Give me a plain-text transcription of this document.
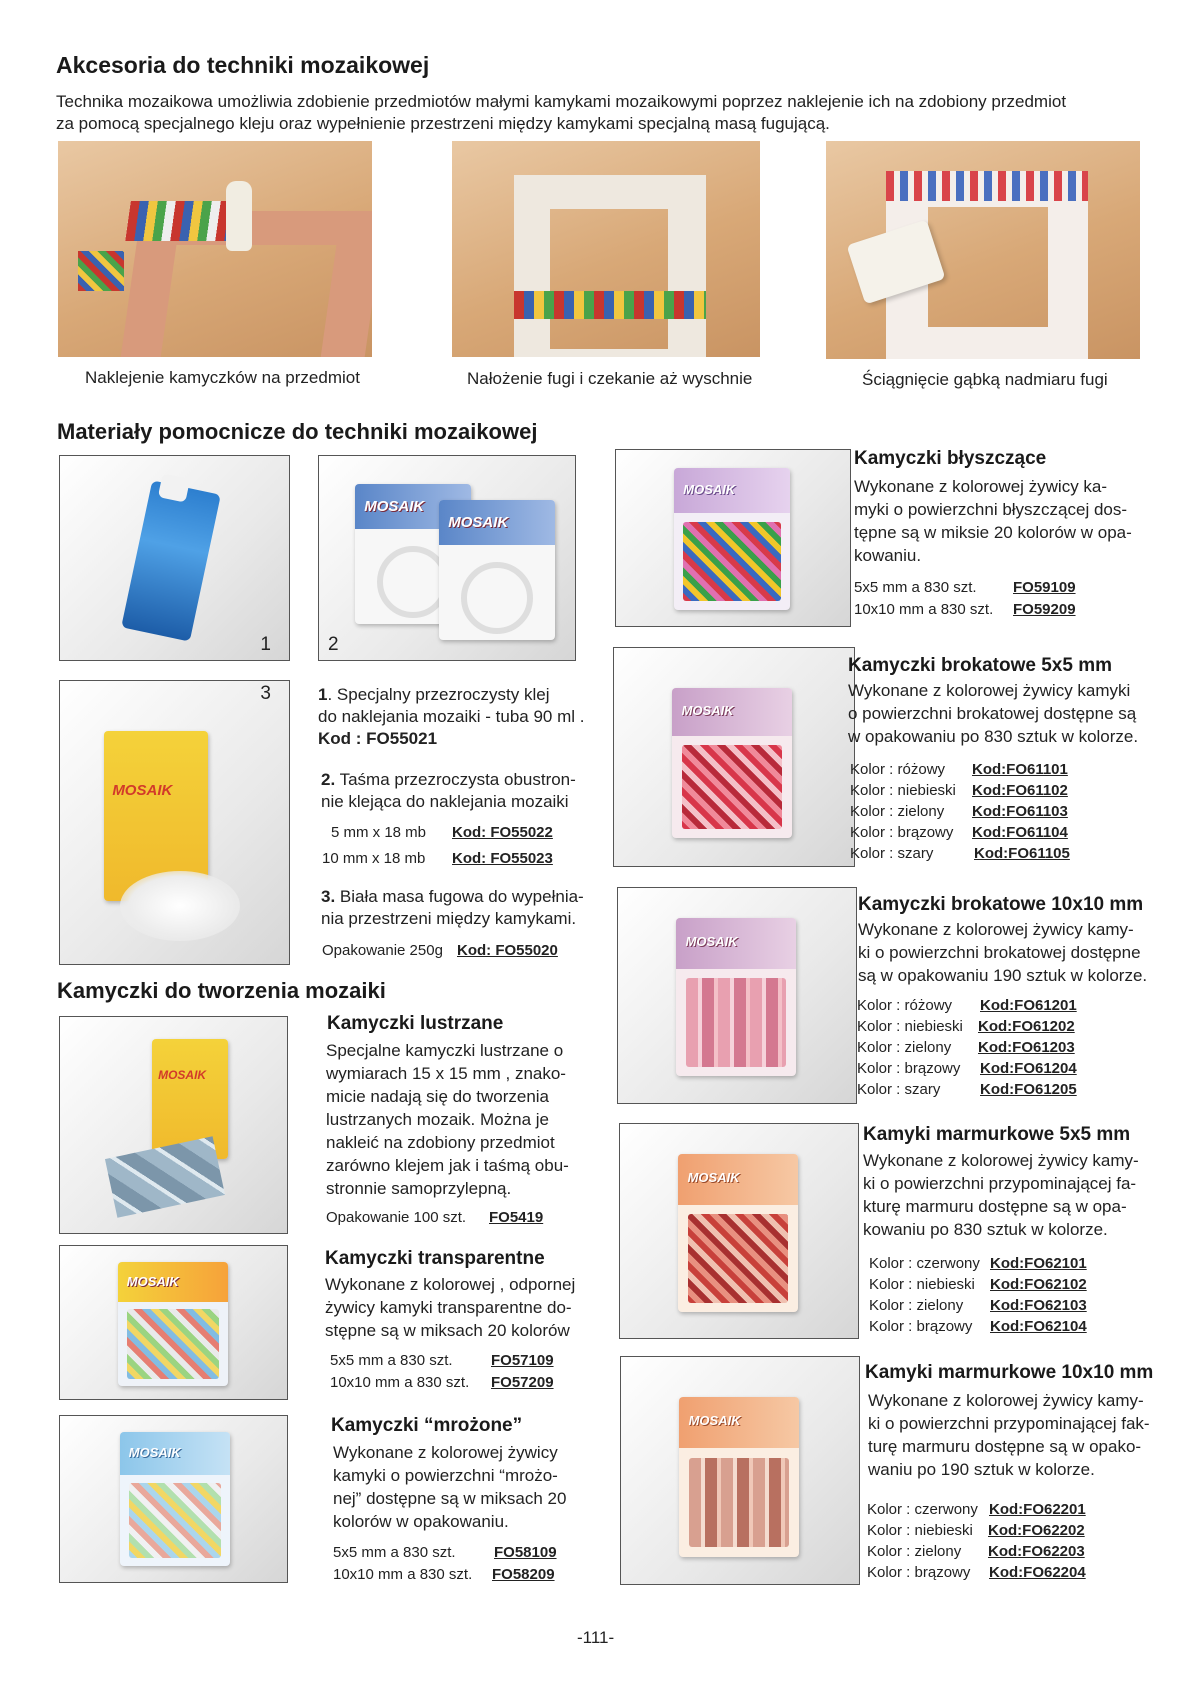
Akcesoria do techniki mozaikowej

Technika mozaikowa umożliwia zdobienie przedmiotów małymi kamykami mozaikowymi poprzez naklejenie ich na zdobiony przedmiot

za pomocą specjalnego kleju oraz wypełnienie przestrzeni między kamykami specjalną masą fugującą.

Naklejenie kamyczków na przedmiot	Nałożenie fugi i czekanie aż wyschnie	Ściągnięcie gąbką nadmiaru fugi
Materiały pomocnicze do techniki mozaikowej
1
MOSAIK
MOSAIK
2
MOSAIK
3	1. Specjalny przezroczysty klej

do naklejania mozaiki - tuba 90 ml .

Kod : FO55021

2. Taśma przezroczysta obustron-

nie klejąca do naklejania mozaiki

5 mm x 18 mb Kod: FO55022
10 mm x 18 mb Kod: FO55023

3. Biała masa fugowa do wypełnia-

nia przestrzeni między kamykami.

Opakowanie 250g Kod: FO55020
Kamyczki do tworzenia mozaiki
MOSAIK
Kamyczki lustrzane

Specjalne kamyczki lustrzane o

wymiarach 15 x 15 mm , znako-

micie nadają się do tworzenia

lustrzanych mozaik. Można je

nakleić na zdobiony przedmiot

zarówno klejem jak i taśmą obu-

stronnie samoprzylepną.

Opakowanie 100 szt. FO5419
MOSAIK
Kamyczki transparentne

Wykonane z kolorowej , odpornej

żywicy kamyki transparentne do-

stępne są w miksach 20 kolorów

5x5 mm a 830 szt.	FO57109
10x10 mm a 830 szt. FO57209
MOSAIK
Kamyczki “mrożone”

Wykonane z kolorowej żywicy

kamyki o powierzchni “mrożo-

nej” dostępne są w miksach 20

kolorów w opakowaniu.

5x5 mm a 830 szt.	FO58109
10x10 mm a 830 szt. FO58209
MOSAIK
Kamyczki błyszczące

Wykonane z kolorowej żywicy ka-

myki o powierzchni błyszczącej dos-

tępne są w miksie 20 kolorów w opa-

kowaniu.

5x5 mm a 830 szt. FO59109
10x10 mm a 830 szt. FO59209
MOSAIK
Kamyczki brokatowe 5x5 mm

Wykonane z kolorowej żywicy kamyki

o powierzchni brokatowej dostępne są

w opakowaniu po 830 sztuk w kolorze.

Kolor : różowy Kod:FO61101
Kolor : niebieski Kod:FO61102
Kolor : zielony Kod:FO61103
Kolor : brązowy Kod:FO61104
Kolor : szary	Kod:FO61105
MOSAIK
Kamyczki brokatowe 10x10 mm

Wykonane z kolorowej żywicy kamy-

ki o powierzchni brokatowej dostępne

są w opakowaniu 190 sztuk w kolorze.

Kolor : różowy Kod:FO61201
Kolor : niebieski Kod:FO61202
Kolor : zielony Kod:FO61203
Kolor : brązowy Kod:FO61204
Kolor : szary	Kod:FO61205
MOSAIK
Kamyki marmurkowe 5x5 mm

Wykonane z kolorowej żywicy kamy-

ki o powierzchni przypominającej fa-

kturę marmuru dostępne są w opa-

kowaniu po 830 sztuk w kolorze.

Kolor : czerwony Kod:FO62101
Kolor : niebieski Kod:FO62102
Kolor : zielony Kod:FO62103
Kolor : brązowy Kod:FO62104
MOSAIK
Kamyki marmurkowe 10x10 mm

Wykonane z kolorowej żywicy kamy-

ki o powierzchni przypominającej fak-

turę marmuru dostępne są w opako-

waniu po 190 sztuk w kolorze.

Kolor : czerwony Kod:FO62201
Kolor : niebieski Kod:FO62202
Kolor : zielony Kod:FO62203
Kolor : brązowy Kod:FO62204
-111-
